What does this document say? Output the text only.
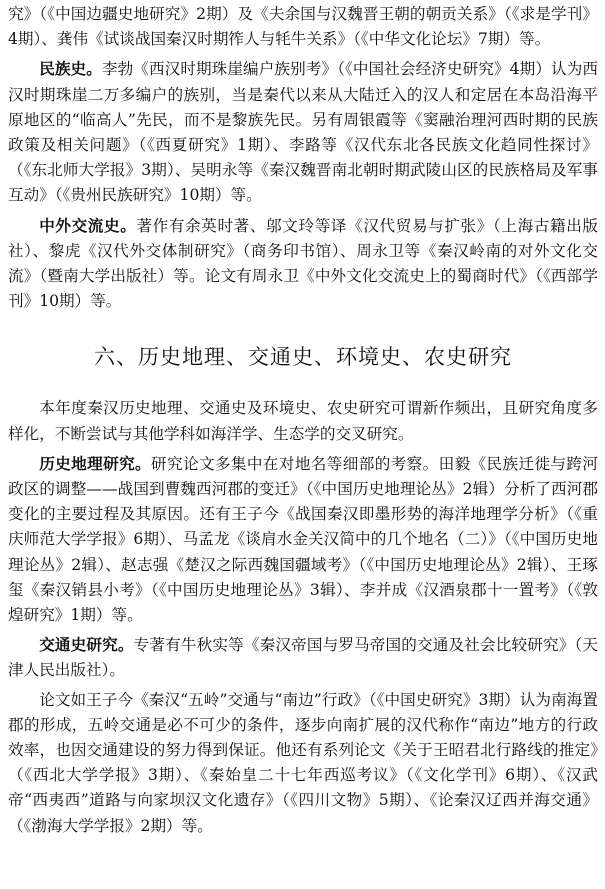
究》（《中国边疆史地研究》2期）及《夫余国与汉魏晋王朝的朝贡关系》（《求是学刊》4期）、龚伟《试谈战国秦汉时期筰人与牦牛关系》（《中华文化论坛》7期）等。

民族史。李勃《西汉时期珠崖编户族别考》（《中国社会经济史研究》4期）认为西汉时期珠崖二万多编户的族别，当是秦代以来从大陆迁入的汉人和定居在本岛沿海平原地区的“临高人”先民，而不是黎族先民。另有周银霞等《窦融治理河西时期的民族政策及相关问题》（《西夏研究》1期）、李路等《汉代东北各民族文化趋同性探讨》（《东北师大学报》3期）、吴明永等《秦汉魏晋南北朝时期武陵山区的民族格局及军事互动》（《贵州民族研究》10期）等。

中外交流史。著作有余英时著、邬文玲等译《汉代贸易与扩张》（上海古籍出版社）、黎虎《汉代外交体制研究》（商务印书馆）、周永卫等《秦汉岭南的对外文化交流》（暨南大学出版社）等。论文有周永卫《中外文化交流史上的蜀商时代》（《西部学刊》10期）等。

六、历史地理、交通史、环境史、农史研究

本年度秦汉历史地理、交通史及环境史、农史研究可谓新作频出，且研究角度多样化，不断尝试与其他学科如海洋学、生态学的交叉研究。

历史地理研究。研究论文多集中在对地名等细部的考察。田毅《民族迁徙与跨河政区的调整——战国到曹魏西河郡的变迁》（《中国历史地理论丛》2辑）分析了西河郡变化的主要过程及其原因。还有王子今《战国秦汉即墨形势的海洋地理学分析》（《重庆师范大学学报》6期）、马孟龙《谈肩水金关汉简中的几个地名（二）》（《中国历史地理论丛》2辑）、赵志强《楚汉之际西魏国疆域考》（《中国历史地理论丛》2辑）、王琢玺《秦汉销县小考》（《中国历史地理论丛》3辑）、李并成《汉酒泉郡十一置考》（《敦煌研究》1期）等。

交通史研究。专著有牛秋实等《秦汉帝国与罗马帝国的交通及社会比较研究》（天津人民出版社）。

论文如王子今《秦汉“五岭”交通与“南边”行政》（《中国史研究》3期）认为南海置郡的形成，五岭交通是必不可少的条件，逐步向南扩展的汉代称作“南边”地方的行政效率，也因交通建设的努力得到保证。他还有系列论文《关于王昭君北行路线的推定》（《西北大学学报》3期）、《秦始皇二十七年西巡考议》（《文化学刊》6期）、《汉武帝“西夷西”道路与向家坝汉文化遗存》（《四川文物》5期）、《论秦汉辽西并海交通》（《渤海大学学报》2期）等。
